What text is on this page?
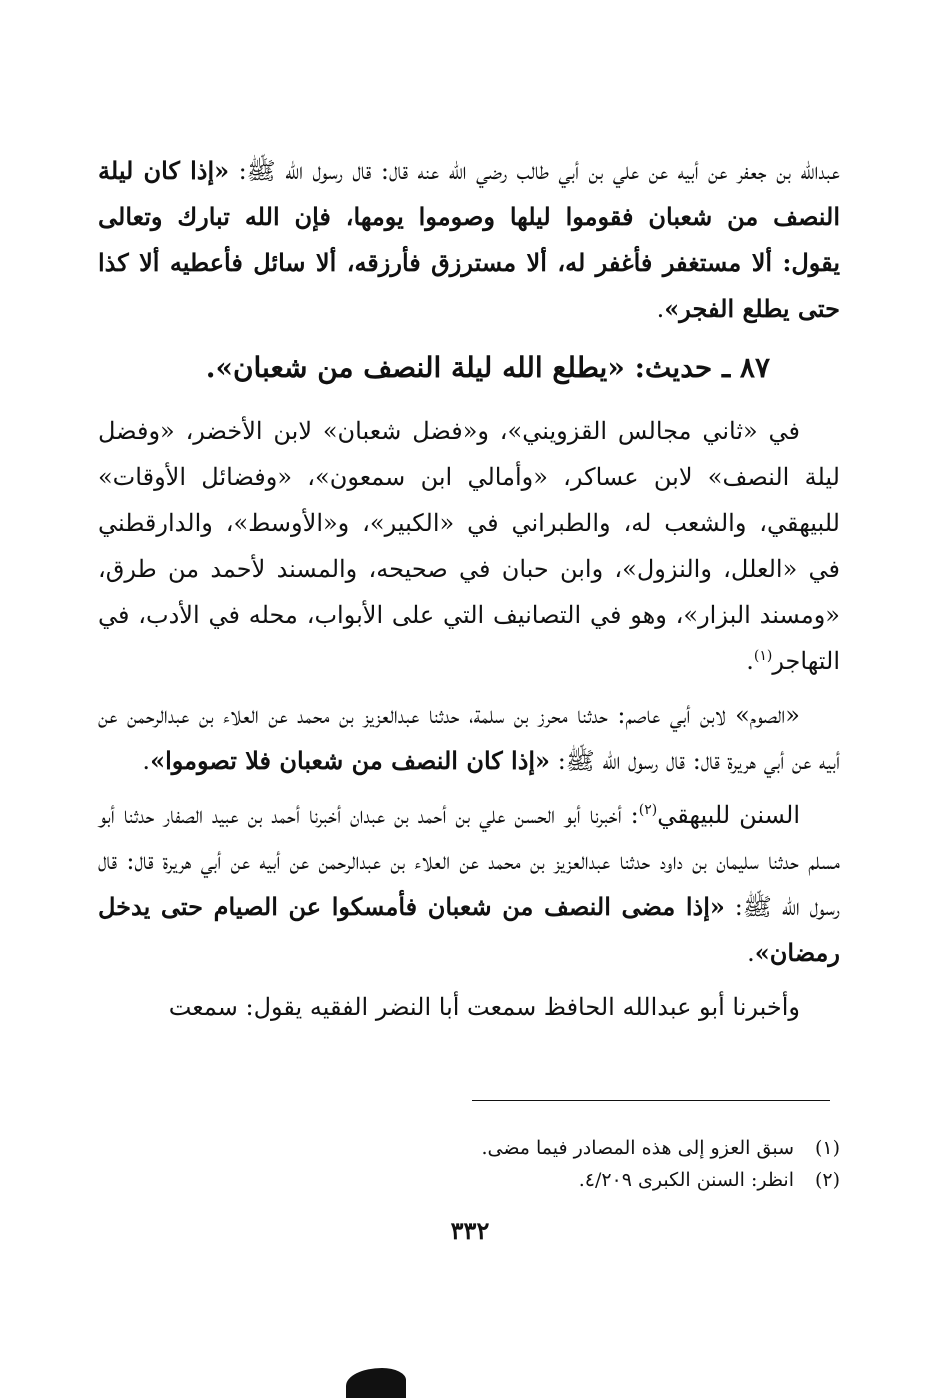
عبدالله بن جعفر عن أبيه عن علي بن أبي طالب رضي الله عنه قال: قال رسول الله ﷺ: «إذا كان ليلة النصف من شعبان فقوموا ليلها وصوموا يومها، فإن الله تبارك وتعالى يقول: ألا مستغفر فأغفر له، ألا مسترزق فأرزقه، ألا سائل فأعطيه ألا كذا حتى يطلع الفجر».

٨٧ ـ حديث: «يطلع الله ليلة النصف من شعبان».

في «ثاني مجالس القزويني»، و«فضل شعبان» لابن الأخضر، «وفضل ليلة النصف» لابن عساكر، «وأمالي ابن سمعون»، «وفضائل الأوقات» للبيهقي، والشعب له، والطبراني في «الكبير»، و«الأوسط»، والدارقطني في «العلل، والنزول»، وابن حبان في صحيحه، والمسند لأحمد من طرق، «ومسند البزار»، وهو في التصانيف التي على الأبواب، محله في الأدب، في التهاجر$^{(١)}$.

«الصوم» لابن أبي عاصم: حدثنا محرز بن سلمة، حدثنا عبدالعزيز بن محمد عن العلاء بن عبدالرحمن عن أبيه عن أبي هريرة قال: قال رسول الله ﷺ: «إذا كان النصف من شعبان فلا تصوموا».

السنن للبيهقي$^{(٢)}$: أخبرنا أبو الحسن علي بن أحمد بن عبدان أخبرنا أحمد بن عبيد الصفار حدثنا أبو مسلم حدثنا سليمان بن داود حدثنا عبدالعزيز بن محمد عن العلاء بن عبدالرحمن عن أبيه عن أبي هريرة قال: قال رسول الله ﷺ: «إذا مضى النصف من شعبان فأمسكوا عن الصيام حتى يدخل رمضان».

وأخبرنا أبو عبدالله الحافظ سمعت أبا النضر الفقيه يقول: سمعت

(١)سبق العزو إلى هذه المصادر فيما مضى.
(٢)انظر: السنن الكبرى ٤/٢٠٩.
٣٣٢
